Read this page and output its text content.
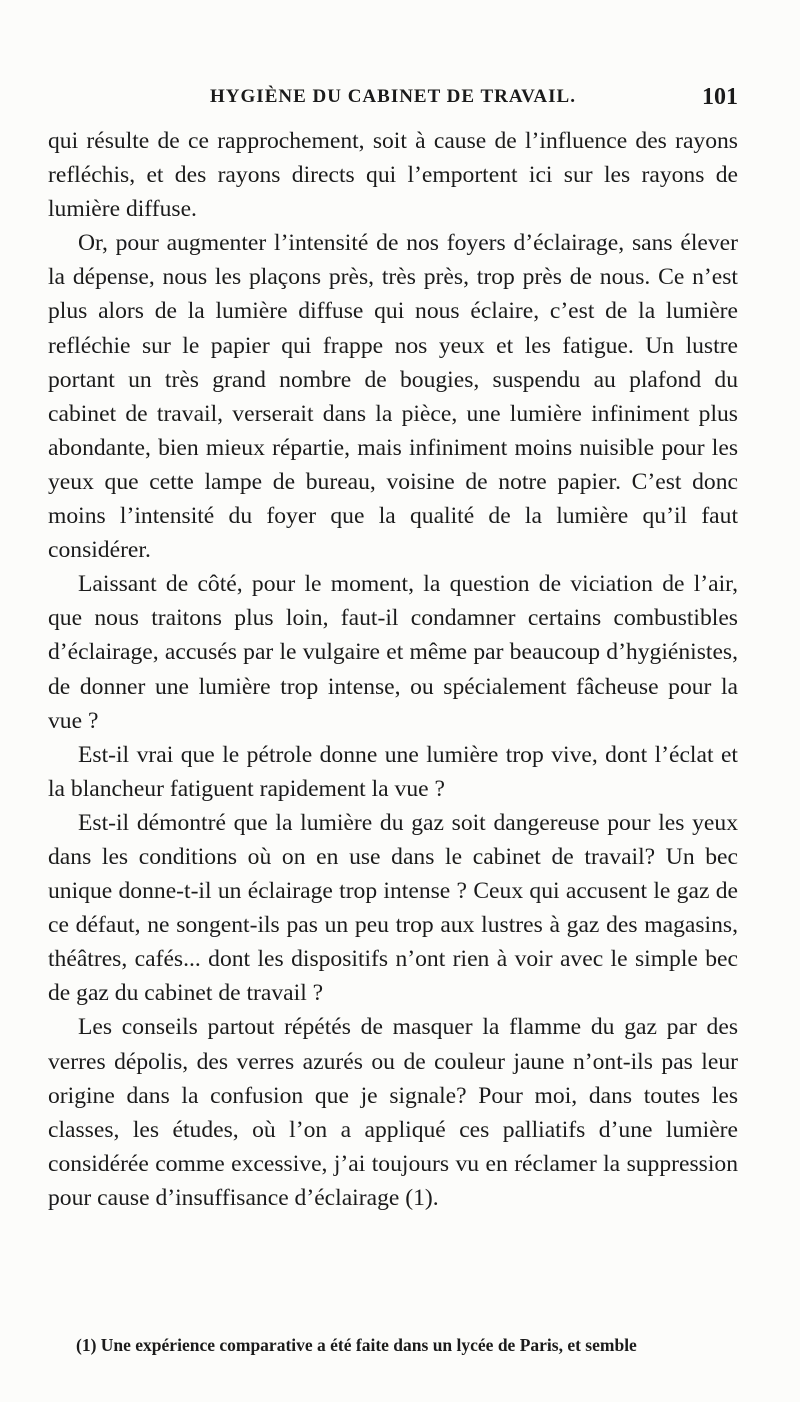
HYGIÈNE DU CABINET DE TRAVAIL.	101

qui résulte de ce rapprochement, soit à cause de l’influence des rayons refléchis, et des rayons directs qui l’emportent ici sur les rayons de lumière diffuse.

Or, pour augmenter l’intensité de nos foyers d’éclairage, sans élever la dépense, nous les plaçons près, très près, trop près de nous. Ce n’est plus alors de la lumière diffuse qui nous éclaire, c’est de la lumière refléchie sur le papier qui frappe nos yeux et les fatigue. Un lustre portant un très grand nombre de bougies, suspendu au plafond du cabinet de travail, verserait dans la pièce, une lumière infiniment plus abondante, bien mieux répartie, mais infiniment moins nuisible pour les yeux que cette lampe de bureau, voisine de notre papier. C’est donc moins l’intensité du foyer que la qualité de la lumière qu’il faut considérer.

Laissant de côté, pour le moment, la question de viciation de l’air, que nous traitons plus loin, faut-il condamner certains combustibles d’éclairage, accusés par le vulgaire et même par beaucoup d’hygiénistes, de donner une lumière trop intense, ou spécialement fâcheuse pour la vue ?

Est-il vrai que le pétrole donne une lumière trop vive, dont l’éclat et la blancheur fatiguent rapidement la vue ?

Est-il démontré que la lumière du gaz soit dangereuse pour les yeux dans les conditions où on en use dans le cabinet de travail? Un bec unique donne-t-il un éclairage trop intense ? Ceux qui accusent le gaz de ce défaut, ne songent-ils pas un peu trop aux lustres à gaz des magasins, théâtres, cafés... dont les dispositifs n’ont rien à voir avec le simple bec de gaz du cabinet de travail ?

Les conseils partout répétés de masquer la flamme du gaz par des verres dépolis, des verres azurés ou de couleur jaune n’ont-ils pas leur origine dans la confusion que je signale? Pour moi, dans toutes les classes, les études, où l’on a appliqué ces palliatifs d’une lumière considérée comme excessive, j’ai toujours vu en réclamer la suppression pour cause d’insuffisance d’éclairage (1).

(1) Une expérience comparative a été faite dans un lycée de Paris, et semble
